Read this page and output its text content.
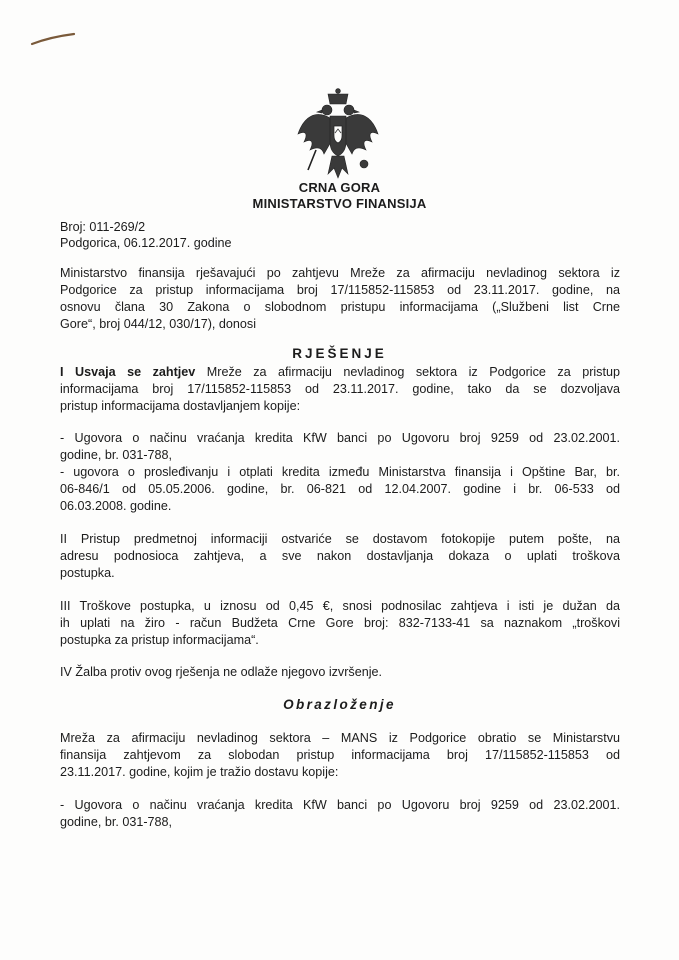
CRNA GORA
MINISTARSTVO FINANSIJA
Broj: 011-269/2
Podgorica, 06.12.2017. godine
Ministarstvo finansija rješavajući po zahtjevu Mreže za afirmaciju nevladinog sektora iz
Podgorice za pristup informacijama broj 17/115852-115853 od 23.11.2017. godine, na
osnovu člana 30 Zakona o slobodnom pristupu informacijama („Službeni list Crne
Gore“, broj 044/12, 030/17), donosi
RJEŠENJE
I Usvaja se zahtjev Mreže za afirmaciju nevladinog sektora iz Podgorice za pristup
informacijama broj 17/115852-115853 od 23.11.2017. godine, tako da se dozvoljava
pristup informacijama dostavljanjem kopije:
- Ugovora o načinu vraćanja kredita KfW banci po Ugovoru broj 9259 od 23.02.2001.
godine, br. 031-788,
- ugovora o prosleđivanju i otplati kredita između Ministarstva finansija i Opštine Bar, br.
06-846/1 od 05.05.2006. godine, br. 06-821 od 12.04.2007. godine i br. 06-533 od
06.03.2008. godine.
II Pristup predmetnoj informaciji ostvariće se dostavom fotokopije putem pošte, na
adresu podnosioca zahtjeva, a sve nakon dostavljanja dokaza o uplati troškova
postupka.
III Troškove postupka, u iznosu od 0,45 €, snosi podnosilac zahtjeva i isti je dužan da
ih uplati na žiro - račun Budžeta Crne Gore broj: 832-7133-41 sa naznakom „troškovi
postupka za pristup informacijama“.
IV Žalba protiv ovog rješenja ne odlaže njegovo izvršenje.
Obrazloženje
Mreža za afirmaciju nevladinog sektora – MANS iz Podgorice obratio se Ministarstvu
finansija zahtjevom za slobodan pristup informacijama broj 17/115852-115853 od
23.11.2017. godine, kojim je tražio dostavu kopije:
- Ugovora o načinu vraćanja kredita KfW banci po Ugovoru broj 9259 od 23.02.2001.
godine, br. 031-788,
